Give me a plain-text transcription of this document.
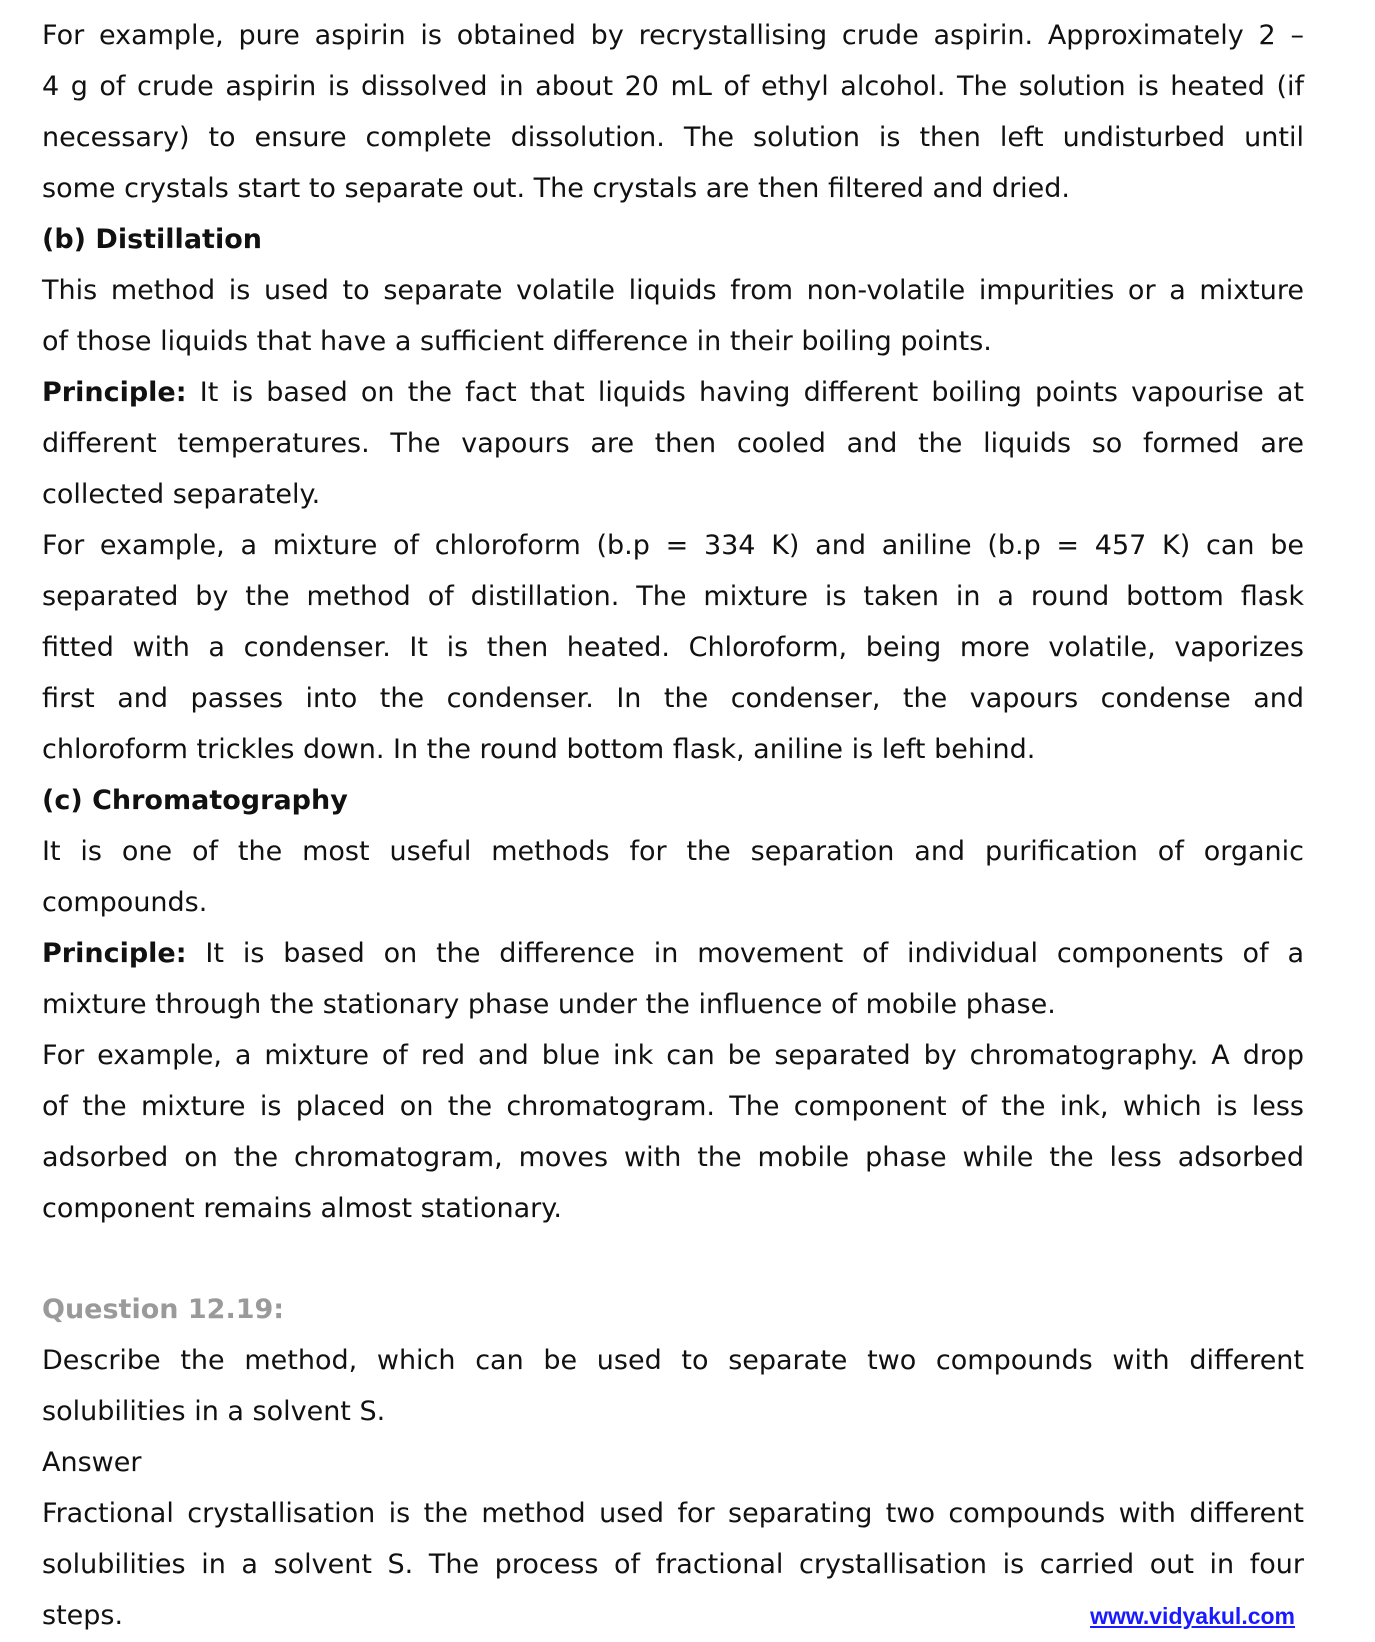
For example, pure aspirin is obtained by recrystallising crude aspirin. Approximately 2 –
4 g of crude aspirin is dissolved in about 20 mL of ethyl alcohol. The solution is heated (if
necessary) to ensure complete dissolution. The solution is then left undisturbed until
some crystals start to separate out. The crystals are then filtered and dried.
(b) Distillation
This method is used to separate volatile liquids from non-volatile impurities or a mixture
of those liquids that have a sufficient difference in their boiling points.
Principle: It is based on the fact that liquids having different boiling points vapourise at
different temperatures. The vapours are then cooled and the liquids so formed are
collected separately.
For example, a mixture of chloroform (b.p = 334 K) and aniline (b.p = 457 K) can be
separated by the method of distillation. The mixture is taken in a round bottom flask
fitted with a condenser. It is then heated. Chloroform, being more volatile, vaporizes
first and passes into the condenser. In the condenser, the vapours condense and
chloroform trickles down. In the round bottom flask, aniline is left behind.
(c) Chromatography
It is one of the most useful methods for the separation and purification of organic
compounds.
Principle: It is based on the difference in movement of individual components of a
mixture through the stationary phase under the influence of mobile phase.
For example, a mixture of red and blue ink can be separated by chromatography. A drop
of the mixture is placed on the chromatogram. The component of the ink, which is less
adsorbed on the chromatogram, moves with the mobile phase while the less adsorbed
component remains almost stationary.
Question 12.19:
Describe the method, which can be used to separate two compounds with different
solubilities in a solvent S.
Answer
Fractional crystallisation is the method used for separating two compounds with different
solubilities in a solvent S. The process of fractional crystallisation is carried out in four
steps.	www.vidyakul.com
